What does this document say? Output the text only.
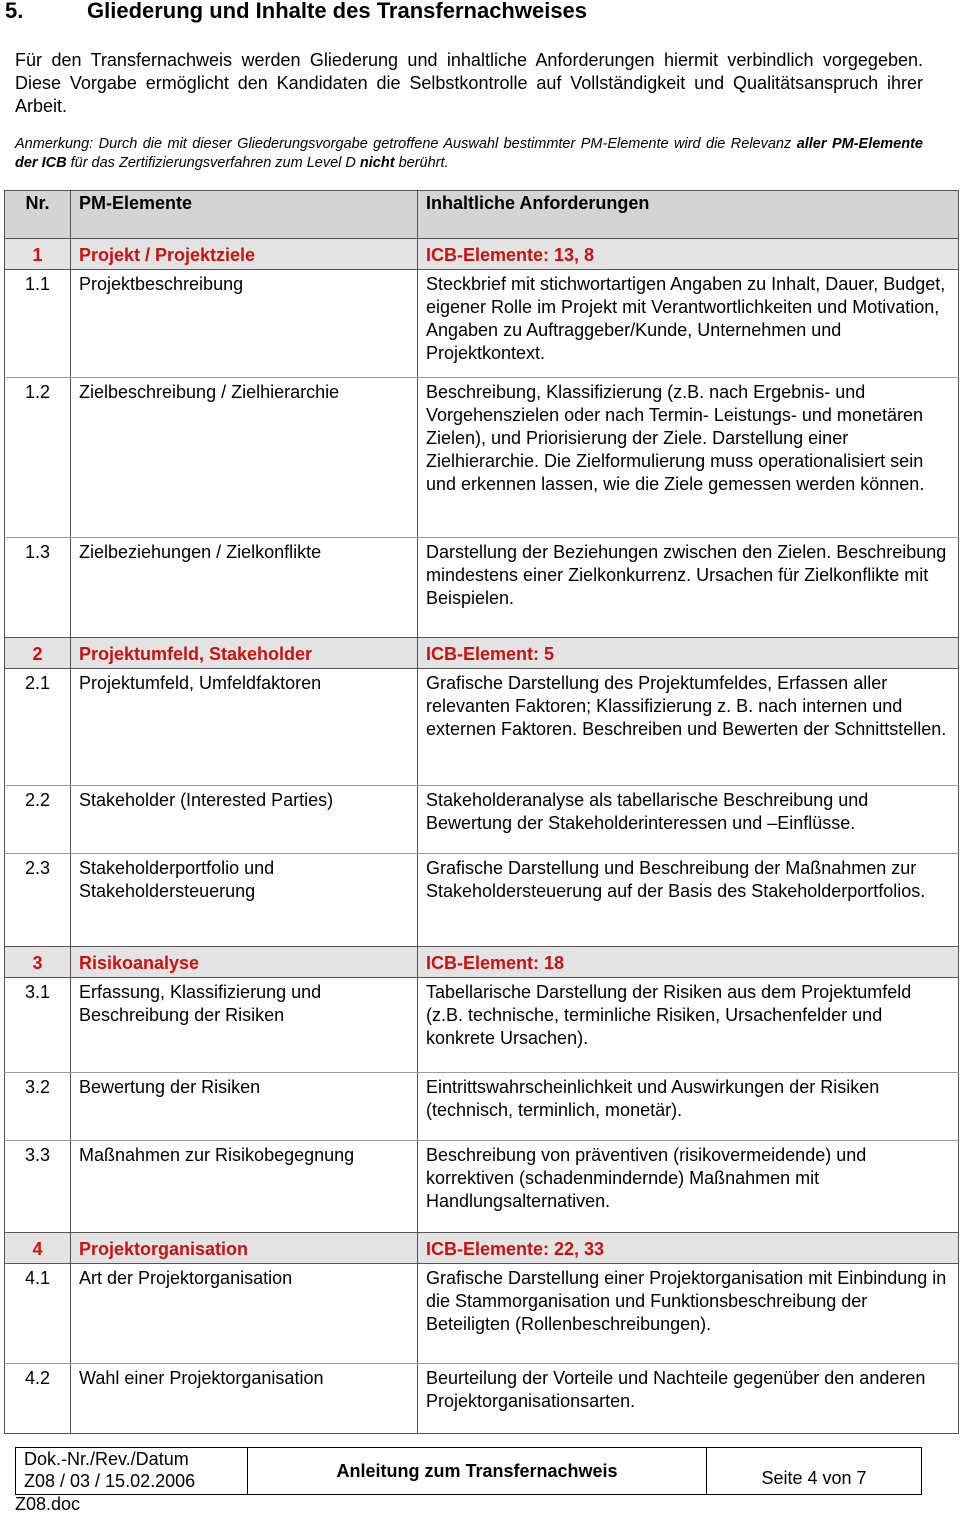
5.	Gliederung und Inhalte des Transfernachweises

Für den Transfernachweis werden Gliederung und inhaltliche Anforderungen hiermit verbindlich vorgegeben. Diese Vorgabe ermöglicht den Kandidaten die Selbstkontrolle auf Vollständigkeit und Qualitätsanspruch ihrer Arbeit.

Anmerkung: Durch die mit dieser Gliederungsvorgabe getroffene Auswahl bestimmter PM-Elemente wird die Relevanz aller PM-Elemente der ICB für das Zertifizierungsverfahren zum Level D nicht berührt.

Nr.	PM-Elemente	Inhaltliche Anforderungen
1	Projekt / Projektziele	ICB-Elemente: 13, 8
1.1	Projektbeschreibung	Steckbrief mit stichwortartigen Angaben zu Inhalt, Dauer, Budget, eigener Rolle im Projekt mit Verantwortlichkeiten und Motivation, Angaben zu Auftraggeber/Kunde, Unternehmen und Projektkontext.
1.2	Zielbeschreibung / Zielhierarchie	Beschreibung, Klassifizierung (z.B. nach Ergebnis- und Vorgehenszielen oder nach Termin- Leistungs- und monetären Zielen), und Priorisierung der Ziele. Darstellung einer Zielhierarchie. Die Zielformulierung muss operationalisiert sein und erkennen lassen, wie die Ziele gemessen werden können.
1.3	Zielbeziehungen / Zielkonflikte	Darstellung der Beziehungen zwischen den Zielen. Beschreibung mindestens einer Zielkonkurrenz. Ursachen für Zielkonflikte mit Beispielen.
2	Projektumfeld, Stakeholder	ICB-Element: 5
2.1	Projektumfeld, Umfeldfaktoren	Grafische Darstellung des Projektumfeldes, Erfassen aller relevanten Faktoren; Klassifizierung z. B. nach internen und externen Faktoren. Beschreiben und Bewerten der Schnittstellen.
2.2	Stakeholder (Interested Parties)	Stakeholderanalyse als tabellarische Beschreibung und Bewertung der Stakeholderinteressen und –Einflüsse.
2.3	Stakeholderportfolio und Stakeholdersteuerung	Grafische Darstellung und Beschreibung der Maßnahmen zur Stakeholdersteuerung auf der Basis des Stakeholderportfolios.
3	Risikoanalyse	ICB-Element: 18
3.1	Erfassung, Klassifizierung und Beschreibung der Risiken	Tabellarische Darstellung der Risiken aus dem Projektumfeld (z.B. technische, terminliche Risiken, Ursachenfelder und konkrete Ursachen).
3.2	Bewertung der Risiken	Eintrittswahrscheinlichkeit und Auswirkungen der Risiken (technisch, terminlich, monetär).
3.3	Maßnahmen zur Risikobegegnung	Beschreibung von präventiven (risikovermeidende) und korrektiven (schadenmindernde) Maßnahmen mit Handlungsalternativen.
4	Projektorganisation	ICB-Elemente: 22, 33
4.1	Art der Projektorganisation	Grafische Darstellung einer Projektorganisation mit Einbindung in die Stammorganisation und Funktionsbeschreibung der Beteiligten (Rollenbeschreibungen).
4.2	Wahl einer Projektorganisation	Beurteilung der Vorteile und Nachteile gegenüber den anderen Projektorganisationsarten.
Dok.-Nr./Rev./Datum
Z08 / 03 / 15.02.2006	Anleitung zum Transfernachweis	Seite 4 von 7
Z08.doc
